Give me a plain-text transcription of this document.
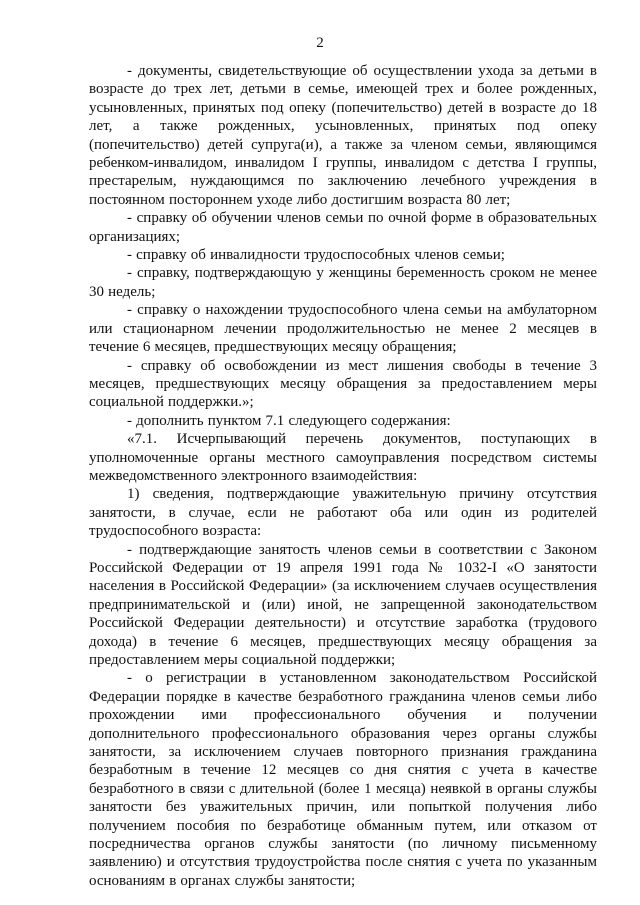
2

- документы, свидетельствующие об осуществлении ухода за детьми в возрасте до трех лет, детьми в семье, имеющей трех и более рожденных, усыновленных, принятых под опеку (попечительство) детей в возрасте до 18 лет, а также рожденных, усыновленных, принятых под опеку (попечительство) детей супруга(и), а также за членом семьи, являющимся ребенком-инвалидом, инвалидом I группы, инвалидом с детства I группы, престарелым, нуждающимся по заключению лечебного учреждения в постоянном постороннем уходе либо достигшим возраста 80 лет;

- справку об обучении членов семьи по очной форме в образовательных организациях;

- справку об инвалидности трудоспособных членов семьи;

- справку, подтверждающую у женщины беременность сроком не менее 30 недель;

- справку о нахождении трудоспособного члена семьи на амбулаторном или стационарном лечении продолжительностью не менее 2 месяцев в течение 6 месяцев, предшествующих месяцу обращения;

- справку об освобождении из мест лишения свободы в течение 3 месяцев, предшествующих месяцу обращения за предоставлением меры социальной поддержки.»;

- дополнить пунктом 7.1 следующего содержания:

«7.1. Исчерпывающий перечень документов, поступающих в уполномоченные органы местного самоуправления посредством системы межведомственного электронного взаимодействия:

1) сведения, подтверждающие уважительную причину отсутствия занятости, в случае, если не работают оба или один из родителей трудоспособного возраста:

- подтверждающие занятость членов семьи в соответствии с Законом Российской Федерации от 19 апреля 1991 года № 1032-I «О занятости населения в Российской Федерации» (за исключением случаев осуществления предпринимательской и (или) иной, не запрещенной законодательством Российской Федерации деятельности) и отсутствие заработка (трудового дохода) в течение 6 месяцев, предшествующих месяцу обращения за предоставлением меры социальной поддержки;

- о регистрации в установленном законодательством Российской Федерации порядке в качестве безработного гражданина членов семьи либо прохождении ими профессионального обучения и получении дополнительного профессионального образования через органы службы занятости, за исключением случаев повторного признания гражданина безработным в течение 12 месяцев со дня снятия с учета в качестве безработного в связи с длительной (более 1 месяца) неявкой в органы службы занятости без уважительных причин, или попыткой получения либо получением пособия по безработице обманным путем, или отказом от посредничества органов службы занятости (по личному письменному заявлению) и отсутствия трудоустройства после снятия с учета по указанным основаниям в органах службы занятости;
